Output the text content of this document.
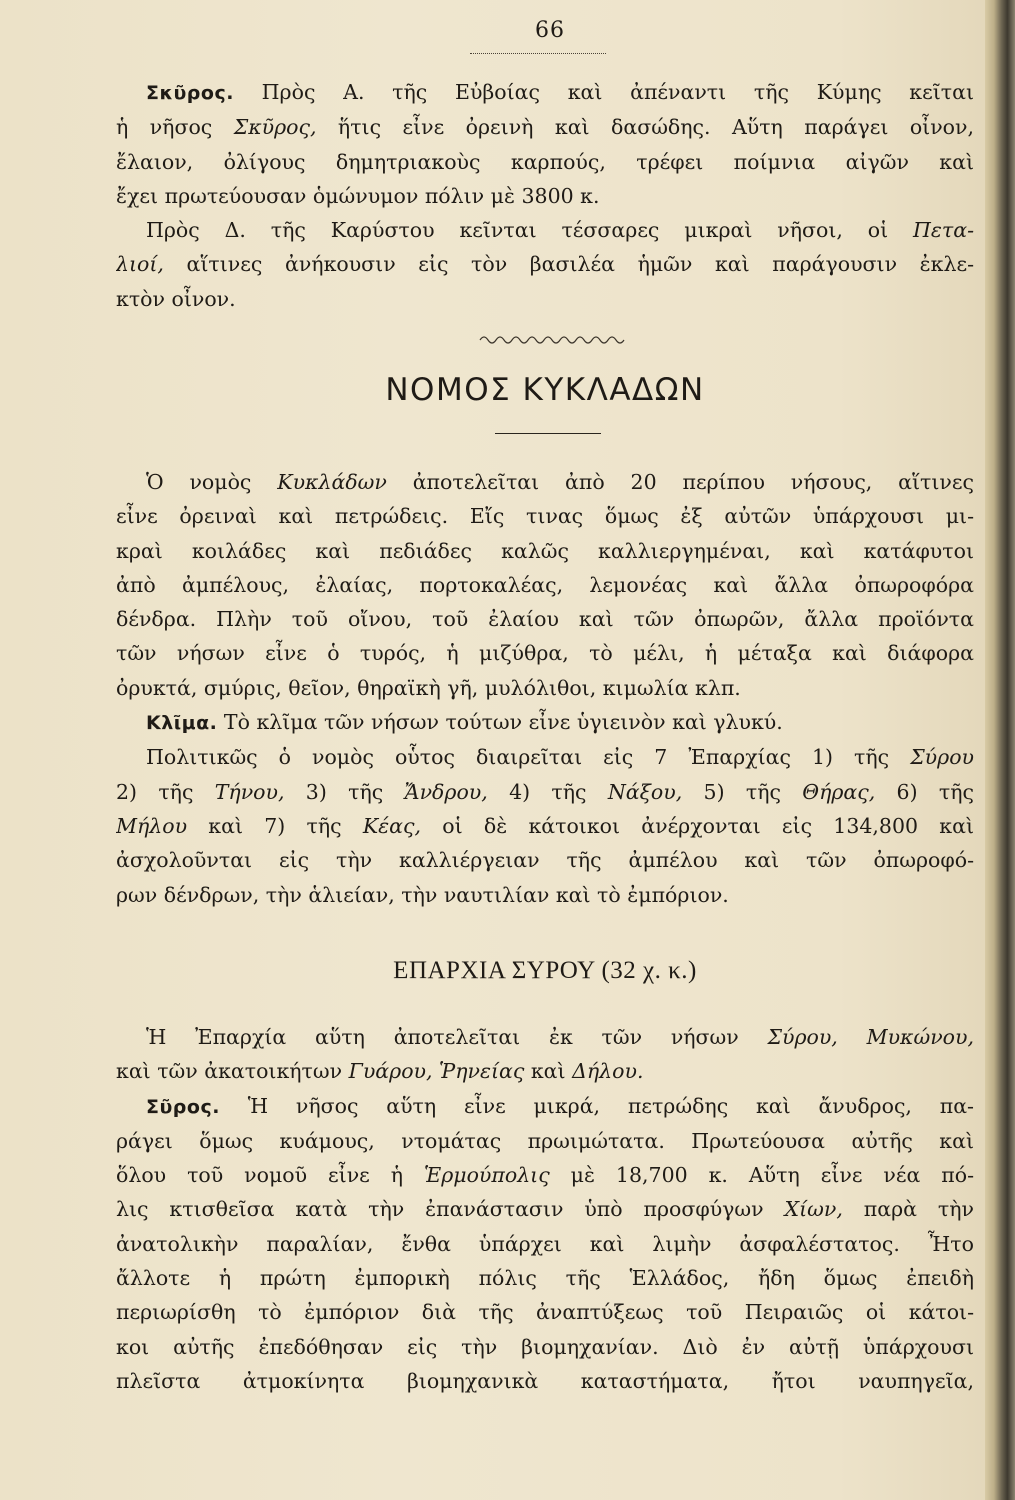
66
Σκῦρος. Πρὸς Α. τῆς Εὐβοίας καὶ ἀπέναντι τῆς Κύμης κεῖται
ἡ νῆσος Σκῦρος, ἥτις εἶνε ὀρεινὴ καὶ δασώδης. Αὕτη παράγει οἶνον,
ἔλαιον, ὀλίγους δημητριακοὺς καρπούς, τρέφει ποίμνια αἰγῶν καὶ
ἔχει πρωτεύουσαν ὁμώνυμον πόλιν μὲ 3800 κ.
Πρὸς Δ. τῆς Καρύστου κεῖνται τέσσαρες μικραὶ νῆσοι, οἱ Πετα-
λιοί, αἵτινες ἀνήκουσιν εἰς τὸν βασιλέα ἡμῶν καὶ παράγουσιν ἐκλε-
κτὸν οἶνον.
ΝΟΜΟΣ ΚΥΚΛΑΔΩΝ
Ὁ νομὸς Κυκλάδων ἀποτελεῖται ἀπὸ 20 περίπου νήσους, αἵτινες
εἶνε ὀρειναὶ καὶ πετρώδεις. Εἴς τινας ὅμως ἐξ αὐτῶν ὑπάρχουσι μι-
κραὶ κοιλάδες καὶ πεδιάδες καλῶς καλλιεργημέναι, καὶ κατάφυτοι
ἀπὸ ἀμπέλους, ἐλαίας, πορτοκαλέας, λεμονέας καὶ ἄλλα ὀπωροφόρα
δένδρα. Πλὴν τοῦ οἴνου, τοῦ ἐλαίου καὶ τῶν ὀπωρῶν, ἄλλα προϊόντα
τῶν νήσων εἶνε ὁ τυρός, ἡ μιζύθρα, τὸ μέλι, ἡ μέταξα καὶ διάφορα
ὀρυκτά, σμύρις, θεῖον, θηραϊκὴ γῆ, μυλόλιθοι, κιμωλία κλπ.
Κλῖμα. Τὸ κλῖμα τῶν νήσων τούτων εἶνε ὑγιεινὸν καὶ γλυκύ.
Πολιτικῶς ὁ νομὸς οὗτος διαιρεῖται εἰς 7 Ἐπαρχίας 1) τῆς Σύρου
2) τῆς Τήνου, 3) τῆς Ἄνδρου, 4) τῆς Νάξου, 5) τῆς Θήρας, 6) τῆς
Μήλου καὶ 7) τῆς Κέας, οἱ δὲ κάτοικοι ἀνέρχονται εἰς 134,800 καὶ
ἀσχολοῦνται εἰς τὴν καλλιέργειαν τῆς ἀμπέλου καὶ τῶν ὀπωροφό-
ρων δένδρων, τὴν ἁλιείαν, τὴν ναυτιλίαν καὶ τὸ ἐμπόριον.
ΕΠΑΡΧΙΑ ΣΥΡΟΥ (32 χ. κ.)
Ἡ Ἐπαρχία αὕτη ἀποτελεῖται ἐκ τῶν νήσων Σύρου, Μυκώνου,
καὶ τῶν ἀκατοικήτων Γυάρου, Ῥηνείας καὶ Δήλου.
Σῦρος. Ἡ νῆσος αὕτη εἶνε μικρά, πετρώδης καὶ ἄνυδρος, πα-
ράγει ὅμως κυάμους, ντομάτας πρωιμώτατα. Πρωτεύουσα αὐτῆς καὶ
ὅλου τοῦ νομοῦ εἶνε ἡ Ἑρμούπολις μὲ 18,700 κ. Αὕτη εἶνε νέα πό-
λις κτισθεῖσα κατὰ τὴν ἐπανάστασιν ὑπὸ προσφύγων Χίων, παρὰ τὴν
ἀνατολικὴν παραλίαν, ἔνθα ὑπάρχει καὶ λιμὴν ἀσφαλέστατος. Ἦτο
ἄλλοτε ἡ πρώτη ἐμπορικὴ πόλις τῆς Ἑλλάδος, ἤδη ὅμως ἐπειδὴ
περιωρίσθη τὸ ἐμπόριον διὰ τῆς ἀναπτύξεως τοῦ Πειραιῶς οἱ κάτοι-
κοι αὐτῆς ἐπεδόθησαν εἰς τὴν βιομηχανίαν. Διὸ ἐν αὐτῇ ὑπάρχουσι
πλεῖστα ἀτμοκίνητα βιομηχανικὰ καταστήματα, ἤτοι ναυπηγεῖα,
